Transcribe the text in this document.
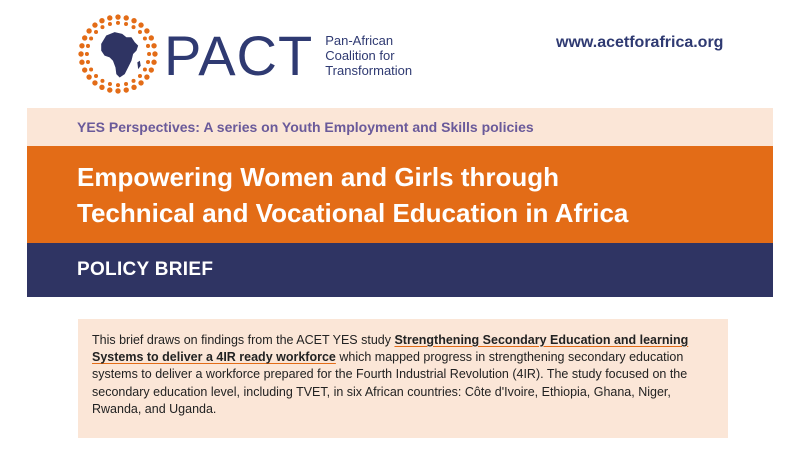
PACT Pan-African
Coalition for
Transformation
www.acetforafrica.org
YES Perspectives: A series on Youth Employment and Skills policies
Empowering Women and Girls through
Technical and Vocational Education in Africa
POLICY BRIEF
This brief draws on findings from the ACET YES study Strengthening Secondary Education and learning Systems to deliver a 4IR ready workforce which mapped progress in strengthening secondary education systems to deliver a workforce prepared for the Fourth Industrial Revolution (4IR). The study focused on the secondary education level, including TVET, in six African countries: Côte d'Ivoire, Ethiopia, Ghana, Niger, Rwanda, and Uganda.
